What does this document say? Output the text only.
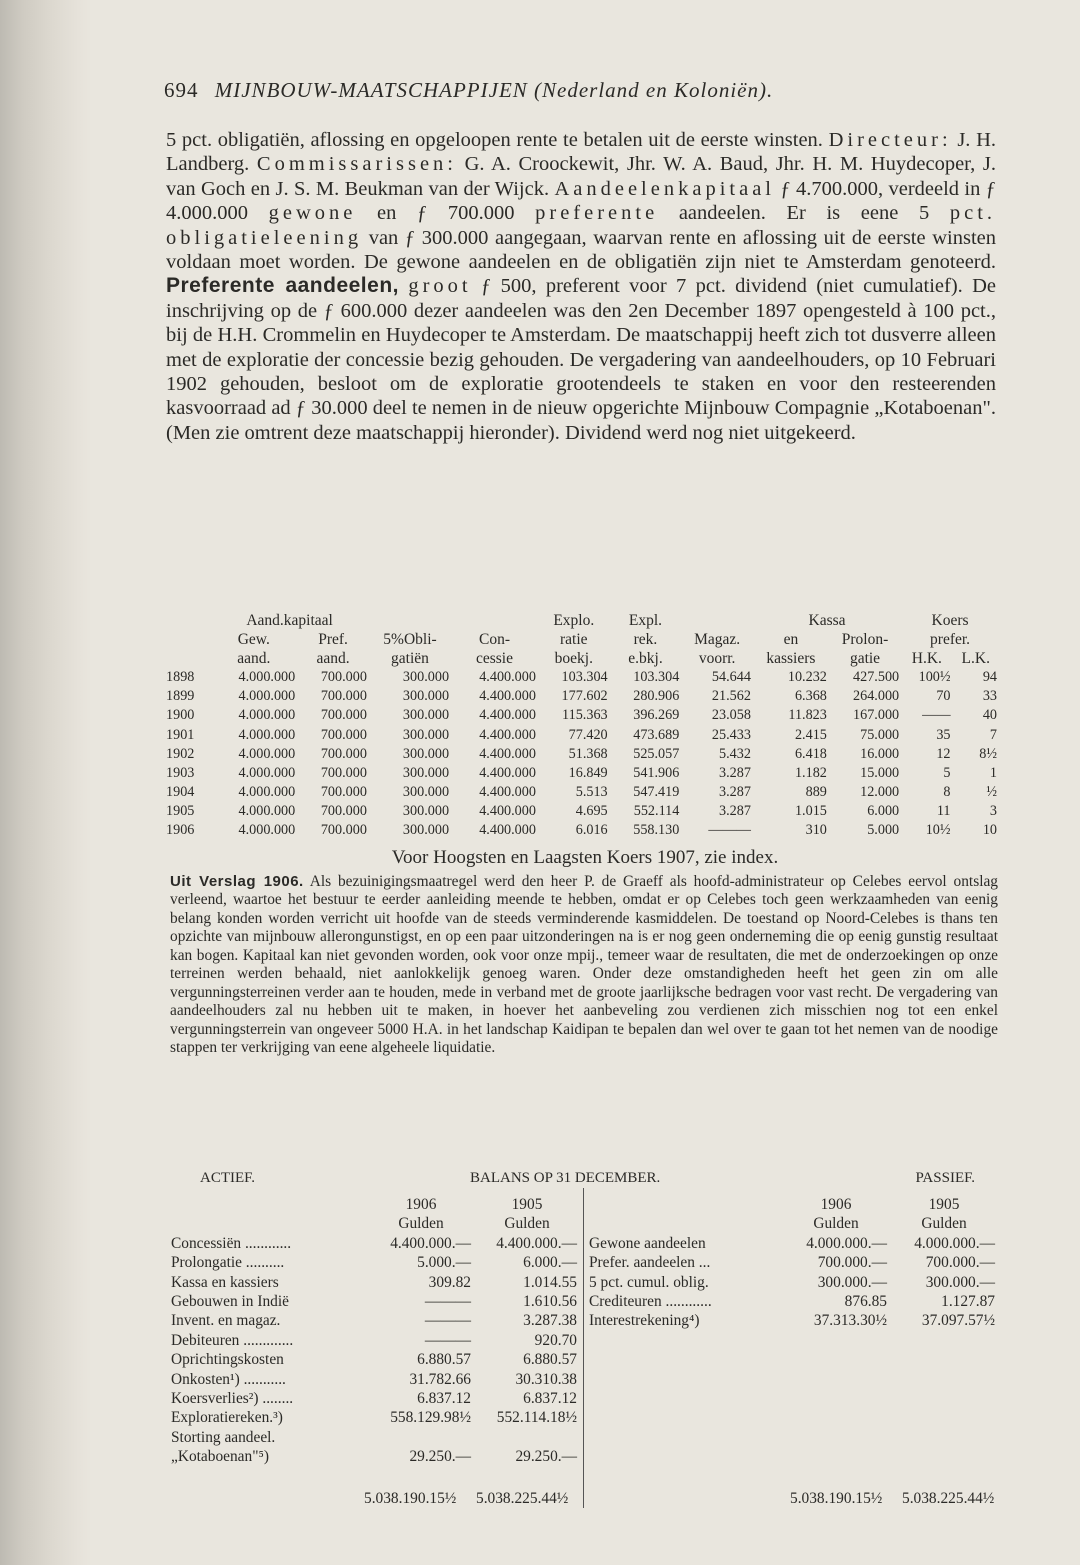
694 MIJNBOUW-MAATSCHAPPIJEN (Nederland en Koloniën).
5 pct. obligatiën, aflossing en opgeloopen rente te betalen uit de eerste winsten. Directeur: J. H. Landberg. Commissarissen: G. A. Croockewit, Jhr. W. A. Baud, Jhr. H. M. Huydecoper, J. van Goch en J. S. M. Beukman van der Wijck. Aandeelenkapitaal ƒ 4.700.000, verdeeld in ƒ 4.000.000 gewone en ƒ 700.000 preferente aandeelen. Er is eene 5 pct. obligatieleening van ƒ 300.000 aangegaan, waarvan rente en aflossing uit de eerste winsten voldaan moet worden. De gewone aandeelen en de obligatiën zijn niet te Amsterdam genoteerd. Preferente aandeelen, groot ƒ 500, preferent voor 7 pct. dividend (niet cumulatief). De inschrijving op de ƒ 600.000 dezer aandeelen was den 2en December 1897 opengesteld à 100 pct., bij de H.H. Crommelin en Huydecoper te Amsterdam. De maatschappij heeft zich tot dusverre alleen met de exploratie der concessie bezig gehouden. De vergadering van aandeelhouders, op 10 Februari 1902 gehouden, besloot om de exploratie grootendeels te staken en voor den resteerenden kasvoorraad ad ƒ 30.000 deel te nemen in de nieuw opgerichte Mijnbouw Compagnie „Kotaboenan". (Men zie omtrent deze maatschappij hieronder). Dividend werd nog niet uitgekeerd.
	Aand.kapitaal				Explo.	Expl.		Kassa		Koers	
	Gew.	Pref.	5%Obli-	Con-	ratie	rek.	Magaz.	en	Prolon-	prefer.	
	aand.	aand.	gatiën	cessie	boekj.	e.bkj.	voorr.	kassiers	gatie	H.K.	L.K.
1898	4.000.000	700.000	300.000	4.400.000	103.304	103.304	54.644	10.232	427.500	100½	94
1899	4.000.000	700.000	300.000	4.400.000	177.602	280.906	21.562	6.368	264.000	70	33
1900	4.000.000	700.000	300.000	4.400.000	115.363	396.269	23.058	11.823	167.000	——	40
1901	4.000.000	700.000	300.000	4.400.000	77.420	473.689	25.433	2.415	75.000	35	7
1902	4.000.000	700.000	300.000	4.400.000	51.368	525.057	5.432	6.418	16.000	12	8½
1903	4.000.000	700.000	300.000	4.400.000	16.849	541.906	3.287	1.182	15.000	5	1
1904	4.000.000	700.000	300.000	4.400.000	5.513	547.419	3.287	889	12.000	8	½
1905	4.000.000	700.000	300.000	4.400.000	4.695	552.114	3.287	1.015	6.000	11	3
1906	4.000.000	700.000	300.000	4.400.000	6.016	558.130	———	310	5.000	10½	10
Voor Hoogsten en Laagsten Koers 1907, zie index.
Uit Verslag 1906. Als bezuinigingsmaatregel werd den heer P. de Graeff als hoofd-administrateur op Celebes eervol ontslag verleend, waartoe het bestuur te eerder aanleiding meende te hebben, omdat er op Celebes toch geen werkzaamheden van eenig belang konden worden verricht uit hoofde van de steeds verminderende kasmiddelen. De toestand op Noord-Celebes is thans ten opzichte van mijnbouw allerongunstigst, en op een paar uitzonderingen na is er nog geen onderneming die op eenig gunstig resultaat kan bogen. Kapitaal kan niet gevonden worden, ook voor onze mpij., temeer waar de resultaten, die met de onderzoekingen op onze terreinen werden behaald, niet aanlokkelijk genoeg waren. Onder deze omstandigheden heeft het geen zin om alle vergunningsterreinen verder aan te houden, mede in verband met de groote jaarlijksche bedragen voor vast recht. De vergadering van aandeelhouders zal nu hebben uit te maken, in hoever het aanbeveling zou verdienen zich misschien nog tot een enkel vergunningsterrein van ongeveer 5000 H.A. in het landschap Kaidipan te bepalen dan wel over te gaan tot het nemen van de noodige stappen ter verkrijging van eene algeheele liquidatie.
ACTIEF.	BALANS OP 31 DECEMBER.	PASSIEF.
	1906	1905
	Gulden	Gulden
Concessiën ............	4.400.000.—	4.400.000.—
Prolongatie ..........	5.000.—	6.000.—
Kassa en kassiers	309.82	1.014.55
Gebouwen in Indië	———	1.610.56
Invent. en magaz.	———	3.287.38
Debiteuren .............	———	920.70
Oprichtingskosten	6.880.57	6.880.57
Onkosten¹) ...........	31.782.66	30.310.38
Koersverlies²) ........	6.837.12	6.837.12
Exploratiereken.³)	558.129.98½	552.114.18½
Storting aandeel.		
„Kotaboenan"⁵)	29.250.—	29.250.—
	1906	1905
	Gulden	Gulden
Gewone aandeelen	4.000.000.—	4.000.000.—
Prefer. aandeelen ...	700.000.—	700.000.—
5 pct. cumul. oblig.	300.000.—	300.000.—
Crediteuren ............	876.85	1.127.87
Interestrekening⁴)	37.313.30½	37.097.57½
5.038.190.15½ 5.038.225.44½	5.038.190.15½ 5.038.225.44½
